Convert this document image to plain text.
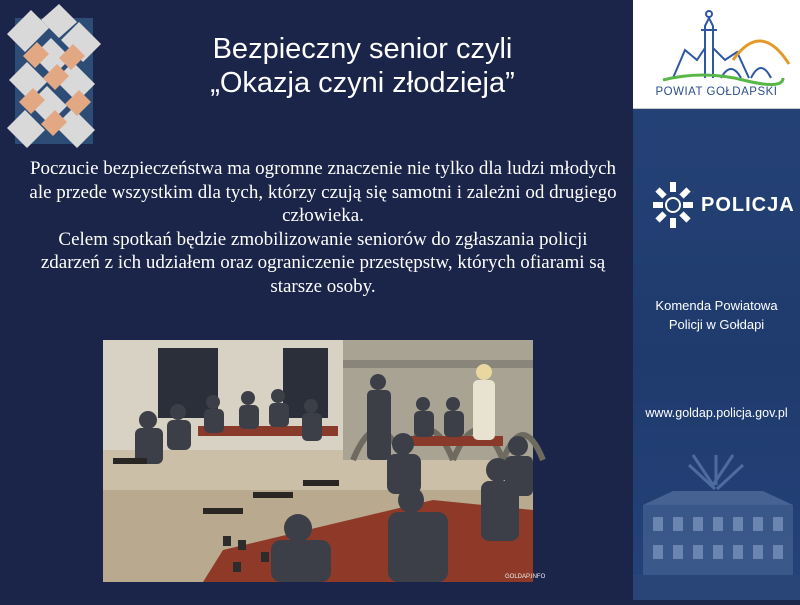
Bezpieczny senior czyli
„Okazja czyni złodzieja”
Poczucie bezpieczeństwa ma ogromne znaczenie nie tylko dla ludzi młodych ale przede wszystkim dla tych, którzy czują się samotni i zależni od drugiego człowieka.
Celem spotkań będzie zmobilizowanie seniorów do zgłaszania policji zdarzeń z ich udziałem oraz ograniczenie przestępstw, których ofiarami są starsze osoby.
GOLDAP.INFO
POWIAT GOŁDAPSKI
POLICJA
Komenda Powiatowa
Policji w Gołdapi
www.goldap.policja.gov.pl
